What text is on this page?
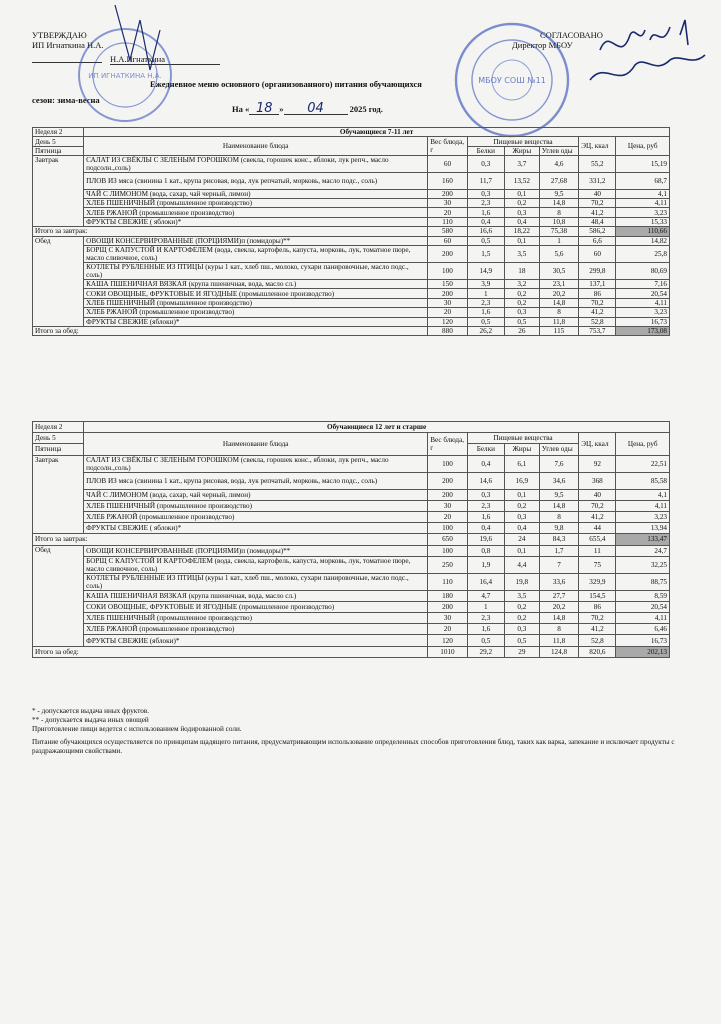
УТВЕРЖДАЮ
ИП Игнаткина Н.А.
Н.А.Игнаткина
СОГЛАСОВАНО
Директор МБОУ
Ежедневное меню основного (организованного) питания обучающихся
сезон: зима-весна
На « 18 » 04	2025 год.
ИП ИГНАТКИНА Н.А.	МБОУ СОШ №11
Неделя 2	Обучающиеся 7-11 лет						
День 5	Наименование блюда	Вес блюда, г	Пищевые вещества			ЭЦ, ккал	Цена, руб
Пятница			Белки	Жиры	Углев оды		
Завтрак	САЛАТ ИЗ СВЁКЛЫ С ЗЕЛЕНЫМ ГОРОШКОМ (свекла, горошек конс., яблоки, лук репч., масло подсолн.,соль)	60	0,3	3,7	4,6	55,2	15,19
	ПЛОВ ИЗ мяса (свинина 1 кат., крупа рисовая, вода, лук репчатый, морковь, масло подс., соль)	160	11,7	13,52	27,68	331,2	68,7
	ЧАЙ С ЛИМОНОМ (вода, сахар, чай черный, лимон)	200	0,3	0,1	9,5	40	4,1
	ХЛЕБ ПШЕНИЧНЫЙ (промышленное производство)	30	2,3	0,2	14,8	70,2	4,11
	ХЛЕБ РЖАНОЙ (промышленное производство)	20	1,6	0,3	8	41,2	3,23
	ФРУКТЫ СВЕЖИЕ ( яблоки)*	110	0,4	0,4	10,8	48,4	15,33
Итого за завтрак:		580	16,6	18,22	75,38	586,2	110,66
Обед	ОВОЩИ КОНСЕРВИРОВАННЫЕ (ПОРЦИЯМИ)п (помидоры)**	60	0,5	0,1	1	6,6	14,82
	БОРЩ С КАПУСТОЙ И КАРТОФЕЛЕМ (вода, свекла, картофель, капуста, морковь, лук, томатное пюре, масло сливочное, соль)	200	1,5	3,5	5,6	60	25,8
	КОТЛЕТЫ РУБЛЕННЫЕ ИЗ ПТИЦЫ (куры 1 кат., хлеб пш., молоко, сухари панировочные, масло подс., соль)	100	14,9	18	30,5	299,8	80,69
	КАША ПШЕНИЧНАЯ ВЯЗКАЯ (крупа пшеничная, вода, масло сл.)	150	3,9	3,2	23,1	137,1	7,16
	СОКИ ОВОЩНЫЕ, ФРУКТОВЫЕ И ЯГОДНЫЕ (промышленное производство)	200	1	0,2	20,2	86	20,54
	ХЛЕБ ПШЕНИЧНЫЙ (промышленное производство)	30	2,3	0,2	14,8	70,2	4,11
	ХЛЕБ РЖАНОЙ (промышленное производство)	20	1,6	0,3	8	41,2	3,23
	ФРУКТЫ СВЕЖИЕ (яблоки)*	120	0,5	0,5	11,8	52,8	16,73
Итого за обед:		880	26,2	26	115	753,7	173,08
Неделя 2	Обучающиеся 12 лет и старше						
День 5	Наименование блюда	Вес блюда, г	Пищевые вещества			ЭЦ, ккал	Цена, руб
Пятница			Белки	Жиры	Углев оды		
Завтрак	САЛАТ ИЗ СВЁКЛЫ С ЗЕЛЕНЫМ ГОРОШКОМ (свекла, горошек конс., яблоки, лук репч., масло подсолн.,соль)	100	0,4	6,1	7,6	92	22,51
	ПЛОВ ИЗ мяса (свинина 1 кат., крупа рисовая, вода, лук репчатый, морковь, масло подс., соль)	200	14,6	16,9	34,6	368	85,58
	ЧАЙ С ЛИМОНОМ (вода, сахар, чай черный, лимон)	200	0,3	0,1	9,5	40	4,1
	ХЛЕБ ПШЕНИЧНЫЙ (промышленное производство)	30	2,3	0,2	14,8	70,2	4,11
	ХЛЕБ РЖАНОЙ (промышленное производство)	20	1,6	0,3	8	41,2	3,23
	ФРУКТЫ СВЕЖИЕ ( яблоки)*	100	0,4	0,4	9,8	44	13,94
Итого за завтрак:		650	19,6	24	84,3	655,4	133,47
Обед	ОВОЩИ КОНСЕРВИРОВАННЫЕ (ПОРЦИЯМИ)п (помидоры)**	100	0,8	0,1	1,7	11	24,7
	БОРЩ С КАПУСТОЙ И КАРТОФЕЛЕМ (вода, свекла, картофель, капуста, морковь, лук, томатное пюре, масло сливочное, соль)	250	1,9	4,4	7	75	32,25
	КОТЛЕТЫ РУБЛЕННЫЕ ИЗ ПТИЦЫ (куры 1 кат., хлеб пш., молоко, сухари панировочные, масло подс., соль)	110	16,4	19,8	33,6	329,9	88,75
	КАША ПШЕНИЧНАЯ ВЯЗКАЯ (крупа пшеничная, вода, масло сл.)	180	4,7	3,5	27,7	154,5	8,59
	СОКИ ОВОЩНЫЕ, ФРУКТОВЫЕ И ЯГОДНЫЕ (промышленное производство)	200	1	0,2	20,2	86	20,54
	ХЛЕБ ПШЕНИЧНЫЙ (промышленное производство)	30	2,3	0,2	14,8	70,2	4,11
	ХЛЕБ РЖАНОЙ (промышленное производство)	20	1,6	0,3	8	41,2	6,46
	ФРУКТЫ СВЕЖИЕ (яблоки)*	120	0,5	0,5	11,8	52,8	16,73
Итого за обед:		1010	29,2	29	124,8	820,6	202,13
* - допускается выдача иных фруктов.
** - допускается выдача иных овощей
Приготовление пищи ведется с использованием йодированной соли.
Питание обучающихся осуществляется по принципам щадящего питания, предусматривающим использование определенных способов приготовления блюд, таких как варка, запекание и исключает продукты с раздражающими свойствами.
